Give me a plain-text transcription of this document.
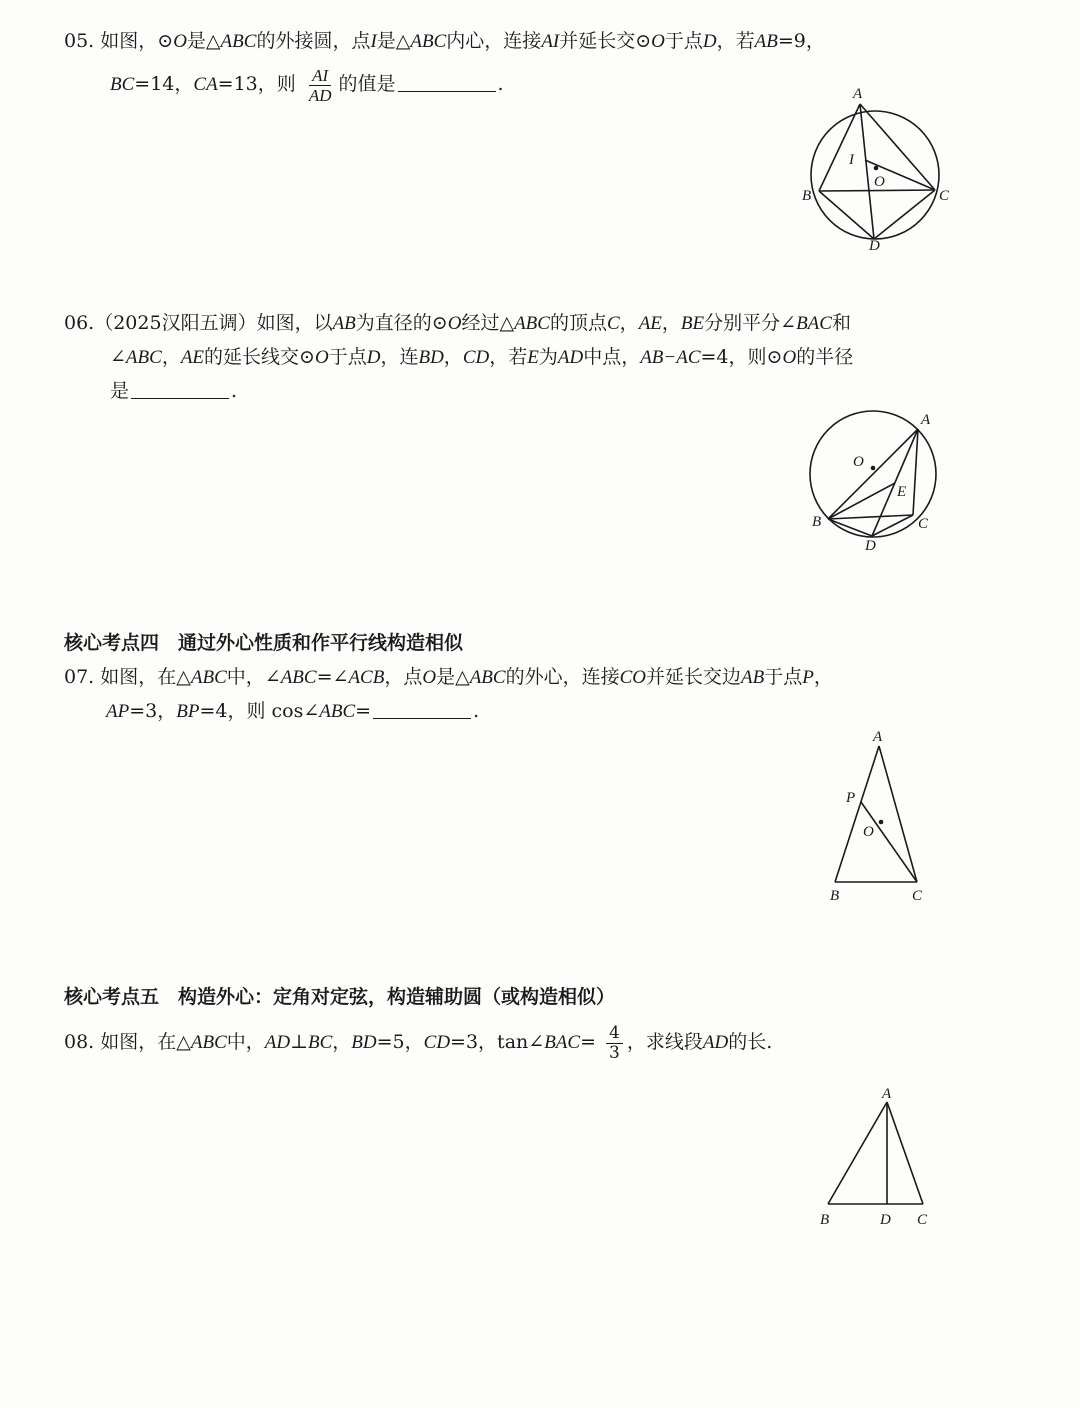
05. 如图，⊙O是△ABC的外接圆，点I是△ABC内心，连接AI并延长交⊙O于点D，若AB=9，
BC=14，CA=13，则 $\frac{AI}{AD}$ 的值是	.	A
B	C
D
I
O
06.（2025汉阳五调）如图，以AB为直径的⊙O经过△ABC的顶点C，AE，BE分别平分∠BAC和
∠ABC，AE的延长线交⊙O于点D，连BD，CD，若E为AD中点，AB−AC=4，则⊙O的半径
是	.
A
O
E
B	C
D
核心考点四　通过外心性质和作平行线构造相似
07. 如图，在△ABC中，∠ABC=∠ACB，点O是△ABC的外心，连接CO并延长交边AB于点P，
AP=3，BP=4，则 cos∠ABC=	.
A
P
O
B	C
核心考点五　构造外心：定角对定弦，构造辅助圆（或构造相似）
08. 如图，在△ABC中，AD⊥BC，BD=5，CD=3，tan∠BAC= $\frac{4}{3}$ ，求线段AD的长.
A
B	D C
